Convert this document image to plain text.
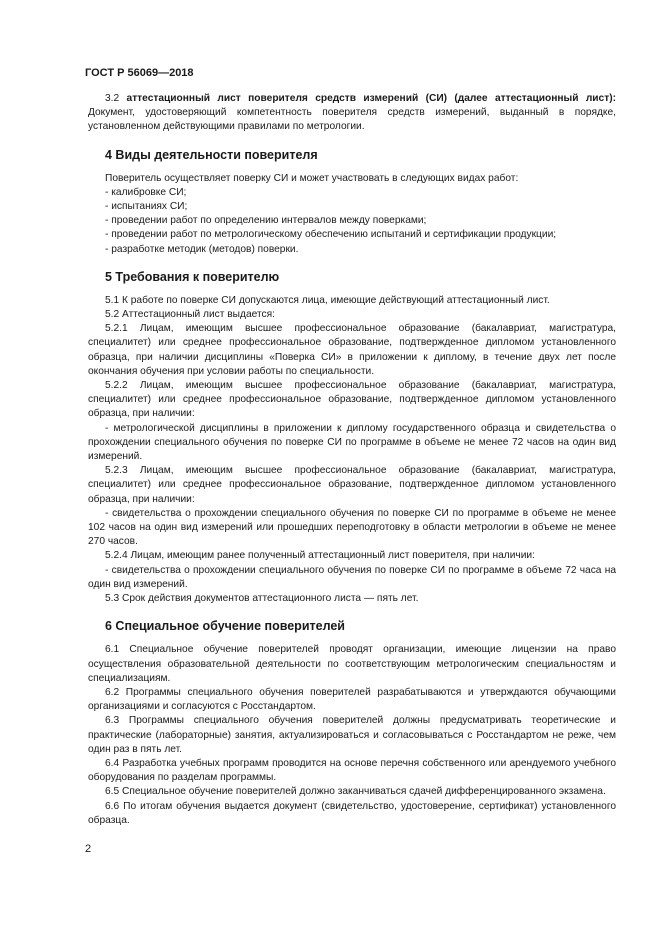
ГОСТ Р 56069—2018

3.2 аттестационный лист поверителя средств измерений (СИ) (далее аттестационный лист): Документ, удостоверяющий компетентность поверителя средств измерений, выданный в порядке, установленном действующими правилами по метрологии.

4 Виды деятельности поверителя

Поверитель осуществляет поверку СИ и может участвовать в следующих видах работ:

- калибровке СИ;

- испытаниях СИ;

- проведении работ по определению интервалов между поверками;

- проведении работ по метрологическому обеспечению испытаний и сертификации продукции;

- разработке методик (методов) поверки.

5 Требования к поверителю

5.1 К работе по поверке СИ допускаются лица, имеющие действующий аттестационный лист.

5.2 Аттестационный лист выдается:

5.2.1 Лицам, имеющим высшее профессиональное образование (бакалавриат, магистратура, специалитет) или среднее профессиональное образование, подтвержденное дипломом установленного образца, при наличии дисциплины «Поверка СИ» в приложении к диплому, в течение двух лет после окончания обучения при условии работы по специальности.

5.2.2 Лицам, имеющим высшее профессиональное образование (бакалавриат, магистратура, специалитет) или среднее профессиональное образование, подтвержденное дипломом установленного образца, при наличии:

- метрологической дисциплины в приложении к диплому государственного образца и свидетельства о прохождении специального обучения по поверке СИ по программе в объеме не менее 72 часов на один вид измерений.

5.2.3 Лицам, имеющим высшее профессиональное образование (бакалавриат, магистратура, специалитет) или среднее профессиональное образование, подтвержденное дипломом установленного образца, при наличии:

- свидетельства о прохождении специального обучения по поверке СИ по программе в объеме не менее 102 часов на один вид измерений или прошедших переподготовку в области метрологии в объеме не менее 270 часов.

5.2.4 Лицам, имеющим ранее полученный аттестационный лист поверителя, при наличии:

- свидетельства о прохождении специального обучения по поверке СИ по программе в объеме 72 часа на один вид измерений.

5.3 Срок действия документов аттестационного листа — пять лет.

6 Специальное обучение поверителей

6.1 Специальное обучение поверителей проводят организации, имеющие лицензии на право осуществления образовательной деятельности по соответствующим метрологическим специальностям и специализациям.

6.2 Программы специального обучения поверителей разрабатываются и утверждаются обучающими организациями и согласуются с Росстандартом.

6.3 Программы специального обучения поверителей должны предусматривать теоретические и практические (лабораторные) занятия, актуализироваться и согласовываться с Росстандартом не реже, чем один раз в пять лет.

6.4 Разработка учебных программ проводится на основе перечня собственного или арендуемого учебного оборудования по разделам программы.

6.5 Специальное обучение поверителей должно заканчиваться сдачей дифференцированного экзамена.

6.6 По итогам обучения выдается документ (свидетельство, удостоверение, сертификат) установленного образца.

2
